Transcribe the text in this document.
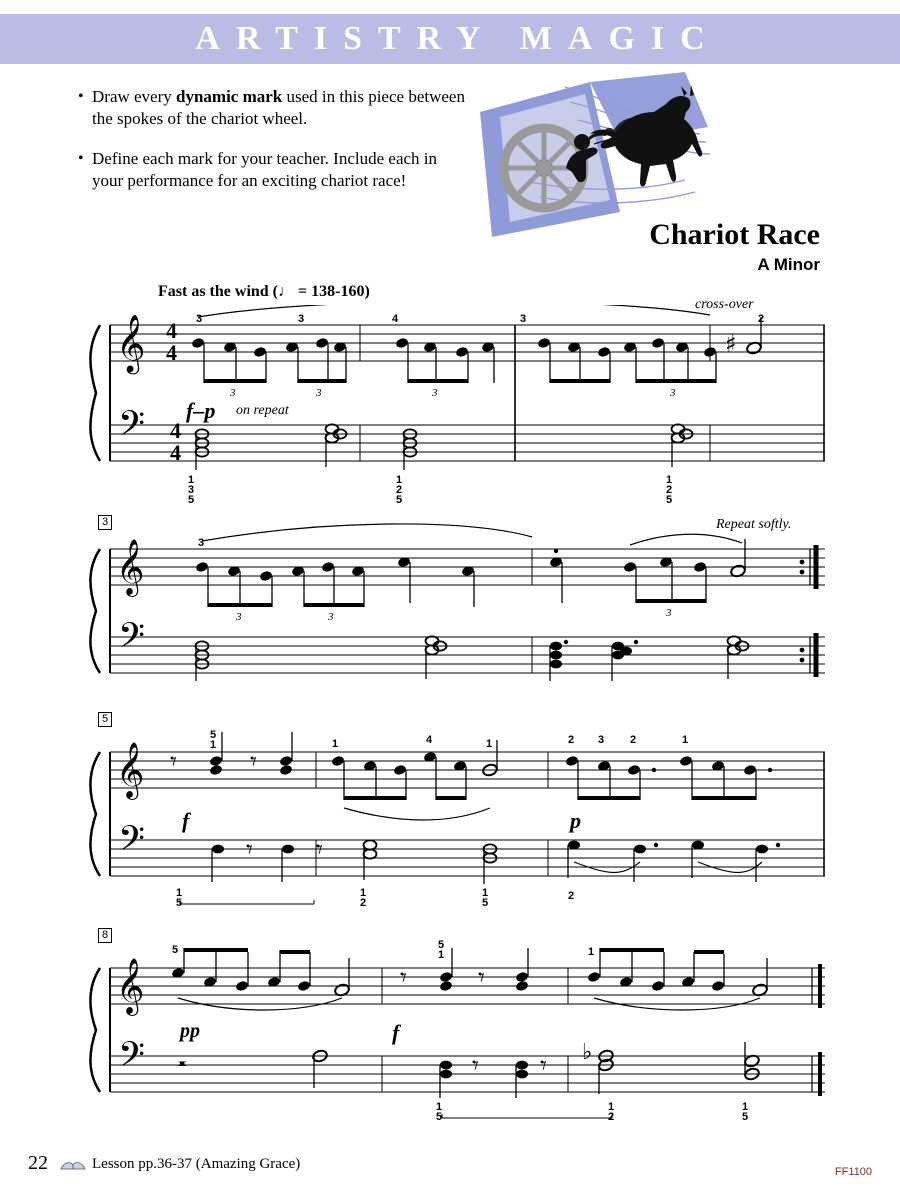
ARTISTRY MAGIC
• Draw every dynamic mark used in this piece between the spokes of the chariot wheel.
• Define each mark for your teacher. Include each in your performance for an exciting chariot race!
Chariot Race
A Minor
Fast as the wind (♩ = 138-160)
𝄞
𝄢
4
4
4
4
♯
3	3	4	3	2
3	3	3	3
cross-over
f–p on repeat
1
3
5
1
2
5
1
2
5
3
𝄞
𝄢
3
3	3	3
Repeat softly.
5
𝄞
𝄢
𝄾	𝄾
𝄾 𝄾
5
1	1	4	1	2 3 2	1
f	p
1
5
1
2
1
5
2
8
𝄞
𝄢
𝄾	𝄾
𝄺	𝄾 𝄾 ♭
5	5
1	1
pp	f
1
5
1
2
1
5
22	Lesson pp.36-37 (Amazing Grace)	FF1100
